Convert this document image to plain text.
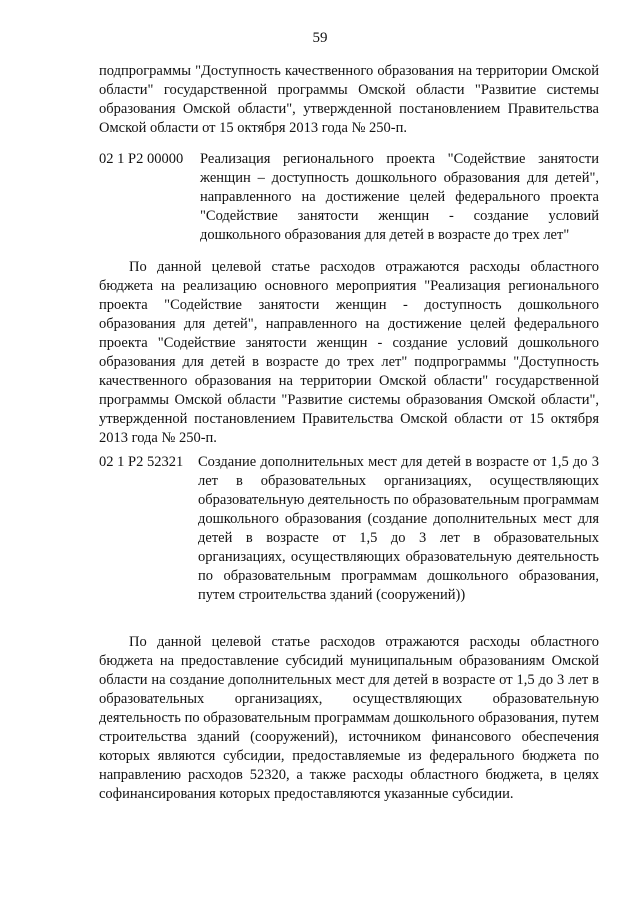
59
подпрограммы "Доступность качественного образования на территории Омской области" государственной программы Омской области "Развитие системы образования Омской области", утвержденной постановлением Правительства Омской области от 15 октября 2013 года № 250-п.
02 1 P2 00000 Реализация регионального проекта "Содействие занятости женщин – доступность дошкольного образования для детей", направленного на достижение целей федерального проекта "Содействие занятости женщин - создание условий дошкольного образования для детей в возрасте до трех лет"
По данной целевой статье расходов отражаются расходы областного бюджета на реализацию основного мероприятия "Реализация регионального проекта "Содействие занятости женщин - доступность дошкольного образования для детей", направленного на достижение целей федерального проекта "Содействие занятости женщин - создание условий дошкольного образования для детей в возрасте до трех лет" подпрограммы "Доступность качественного образования на территории Омской области" государственной программы Омской области "Развитие системы образования Омской области", утвержденной постановлением Правительства Омской области от 15 октября 2013 года № 250-п.
02 1 P2 52321 Создание дополнительных мест для детей в возрасте от 1,5 до 3 лет в образовательных организациях, осуществляющих образовательную деятельность по образовательным программам дошкольного образования (создание дополнительных мест для детей в возрасте от 1,5 до 3 лет в образовательных организациях, осуществляющих образовательную деятельность по образовательным программам дошкольного образования, путем строительства зданий (сооружений))
По данной целевой статье расходов отражаются расходы областного бюджета на предоставление субсидий муниципальным образованиям Омской области на создание дополнительных мест для детей в возрасте от 1,5 до 3 лет в образовательных организациях, осуществляющих образовательную деятельность по образовательным программам дошкольного образования, путем строительства зданий (сооружений), источником финансового обеспечения которых являются субсидии, предоставляемые из федерального бюджета по направлению расходов 52320, а также расходы областного бюджета, в целях софинансирования которых предоставляются указанные субсидии.
